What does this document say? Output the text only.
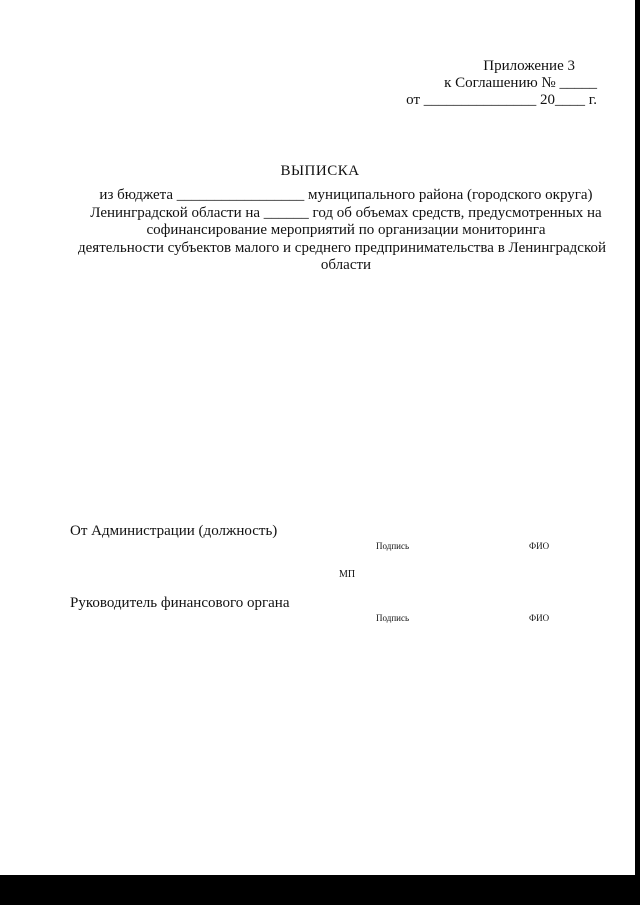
Приложение 3
к Соглашению № _____
от _______________ 20____ г.
ВЫПИСКА
из бюджета _________________ муниципального района (городского округа)
Ленинградской области на ______ год об объемах средств, предусмотренных на
софинансирование мероприятий по организации мониторинга
деятельности субъектов малого и среднего предпринимательства в Ленинградской
области
От Администрации (должность)
Подпись	ФИО
МП
Руководитель финансового органа
Подпись	ФИО
